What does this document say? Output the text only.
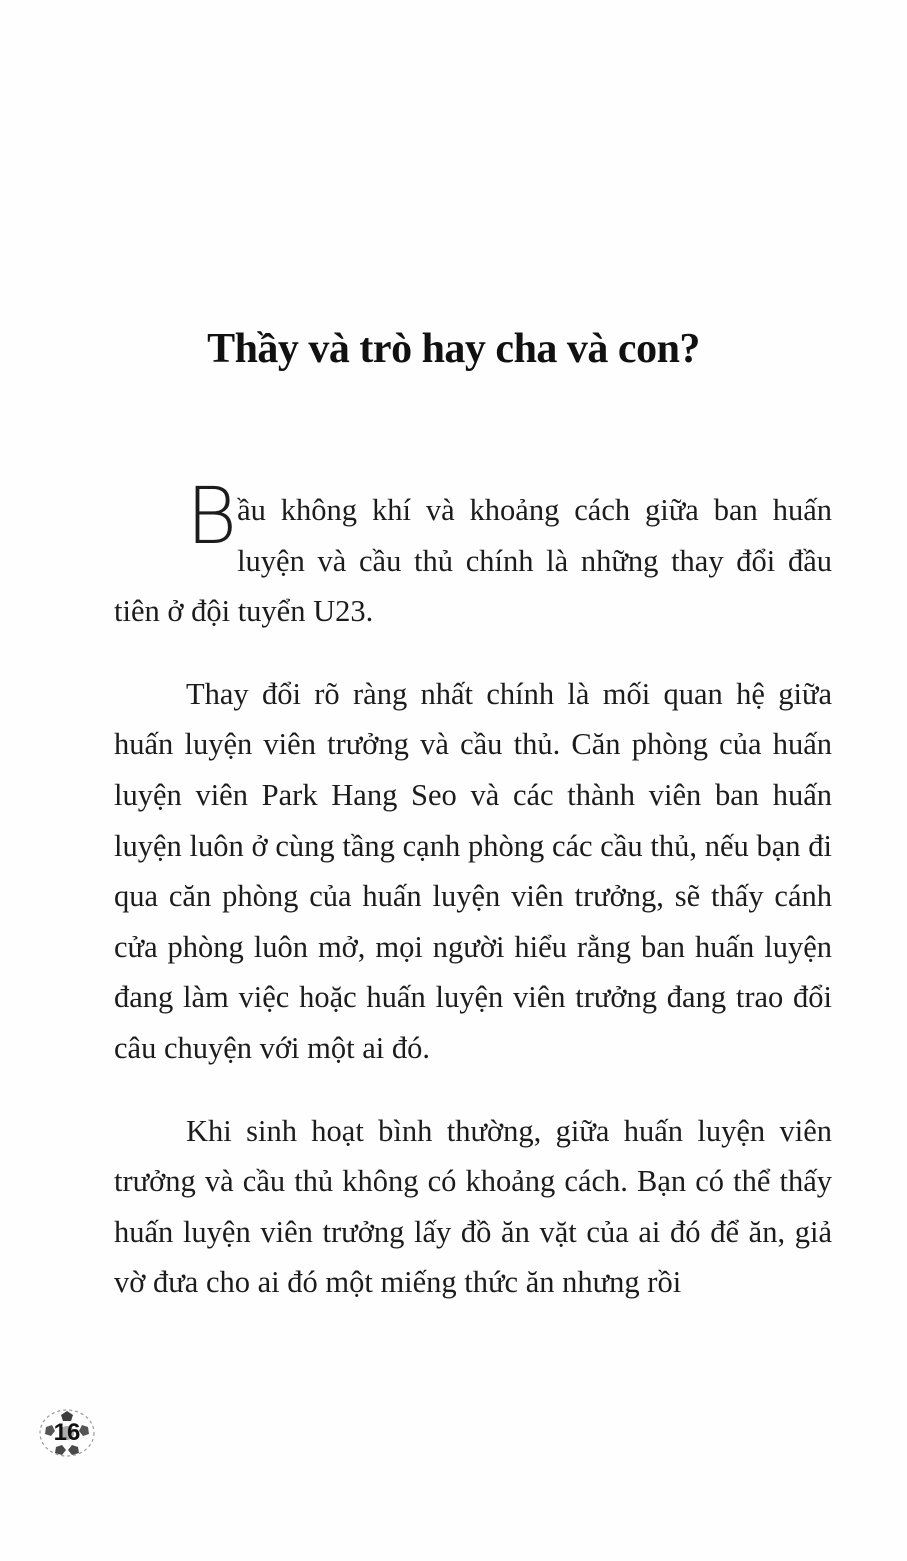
Thầy và trò hay cha và con?

Bầu không khí và khoảng cách giữa ban huấn luyện và cầu thủ chính là những thay đổi đầu tiên ở đội tuyển U23.

Thay đổi rõ ràng nhất chính là mối quan hệ giữa huấn luyện viên trưởng và cầu thủ. Căn phòng của huấn luyện viên Park Hang Seo và các thành viên ban huấn luyện luôn ở cùng tầng cạnh phòng các cầu thủ, nếu bạn đi qua căn phòng của huấn luyện viên trưởng, sẽ thấy cánh cửa phòng luôn mở, mọi người hiểu rằng ban huấn luyện đang làm việc hoặc huấn luyện viên trưởng đang trao đổi câu chuyện với một ai đó.

Khi sinh hoạt bình thường, giữa huấn luyện viên trưởng và cầu thủ không có khoảng cách. Bạn có thể thấy huấn luyện viên trưởng lấy đồ ăn vặt của ai đó để ăn, giả vờ đưa cho ai đó một miếng thức ăn nhưng rồi

16
